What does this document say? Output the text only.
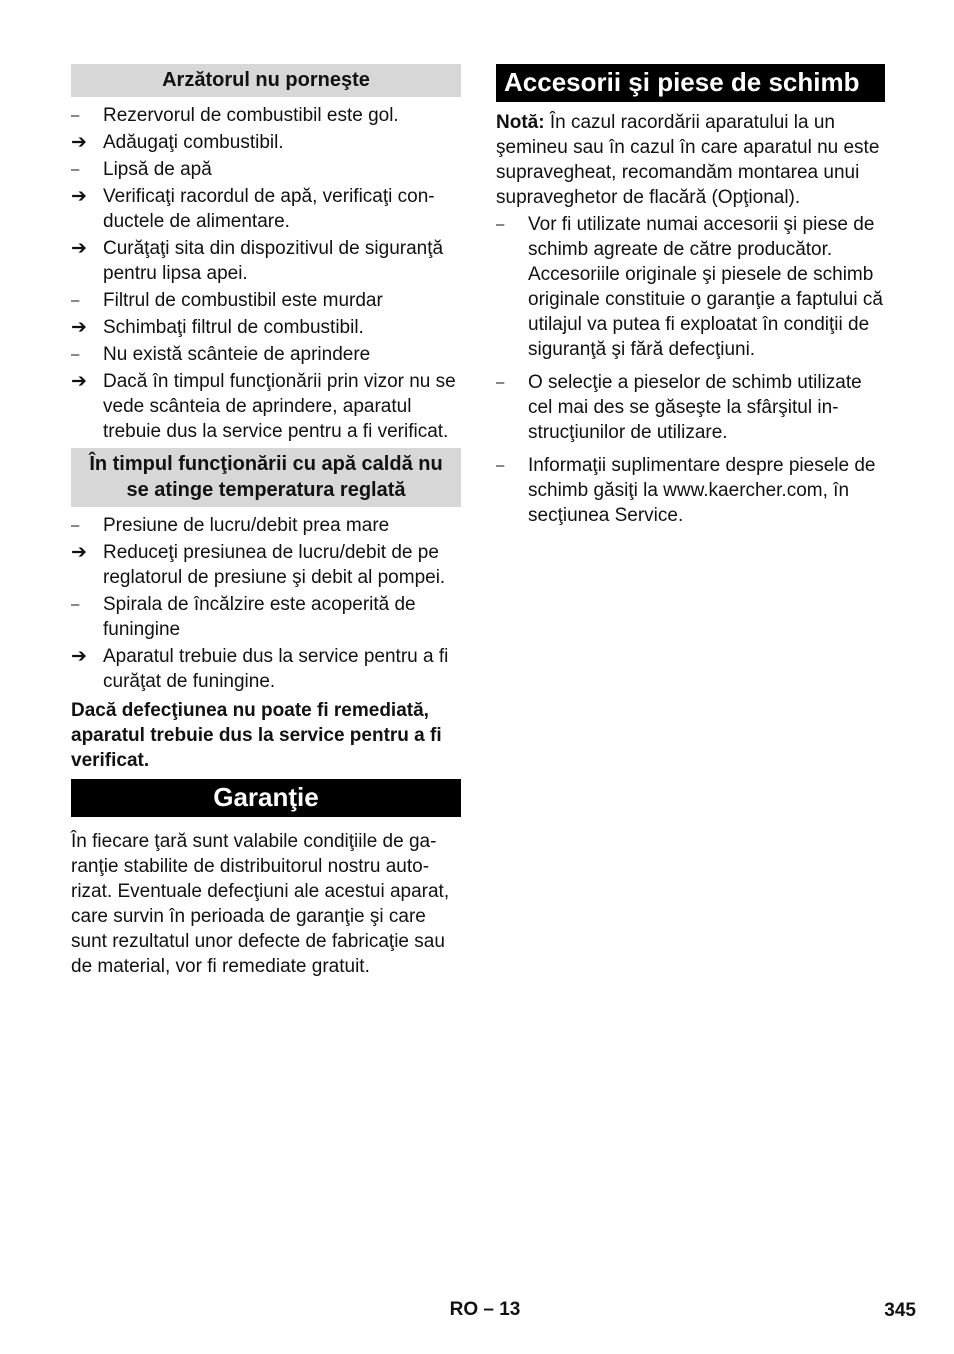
Arzătorul nu porneşte
–	Rezervorul de combustibil este gol.
➔ Adăugaţi combustibil.
–	Lipsă de apă
➔ Verificaţi racordul de apă, verificaţi conductele de alimentare.
➔ Curăţaţi sita din dispozitivul de siguranţă pentru lipsa apei.
–	Filtrul de combustibil este murdar
➔ Schimbaţi filtrul de combustibil.
–	Nu există scânteie de aprindere
➔ Dacă în timpul funcţionării prin vizor nu se vede scânteia de aprindere, aparatul trebuie dus la service pentru a fi verificat.
În timpul funcţionării cu apă caldă nu se atinge temperatura reglată
–	Presiune de lucru/debit prea mare
➔ Reduceţi presiunea de lucru/debit de pe reglatorul de presiune şi debit al pompei.
–	Spirala de încălzire este acoperită de funingine
➔ Aparatul trebuie dus la service pentru a fi curăţat de funingine.

Dacă defecţiunea nu poate fi remediată, aparatul trebuie dus la service pentru a fi verificat.

Garanţie

În fiecare ţară sunt valabile condiţiile de garanţie stabilite de distribuitorul nostru autorizat. Eventuale defecţiuni ale acestui aparat, care survin în perioada de garanţie şi care sunt rezultatul unor defecte de fabricaţie sau de material, vor fi remediate gratuit.

Accesorii şi piese de schimb

Notă: În cazul racordării aparatului la un şemineu sau în cazul în care aparatul nu este supravegheat, recomandăm montarea unui supraveghetor de flacără (Opţional).

–	Vor fi utilizate numai accesorii şi piese de schimb agreate de către producător. Accesoriile originale şi piesele de schimb originale constituie o garanţie a faptului că utilajul va putea fi exploatat în condiţii de siguranţă şi fără defecţiuni.
–	O selecţie a pieselor de schimb utilizate cel mai des se găseşte la sfârşitul instrucţiunilor de utilizare.
–	Informaţii suplimentare despre piesele de schimb găsiţi la www.kaercher.com, în secţiunea Service.
RO – 13	345
